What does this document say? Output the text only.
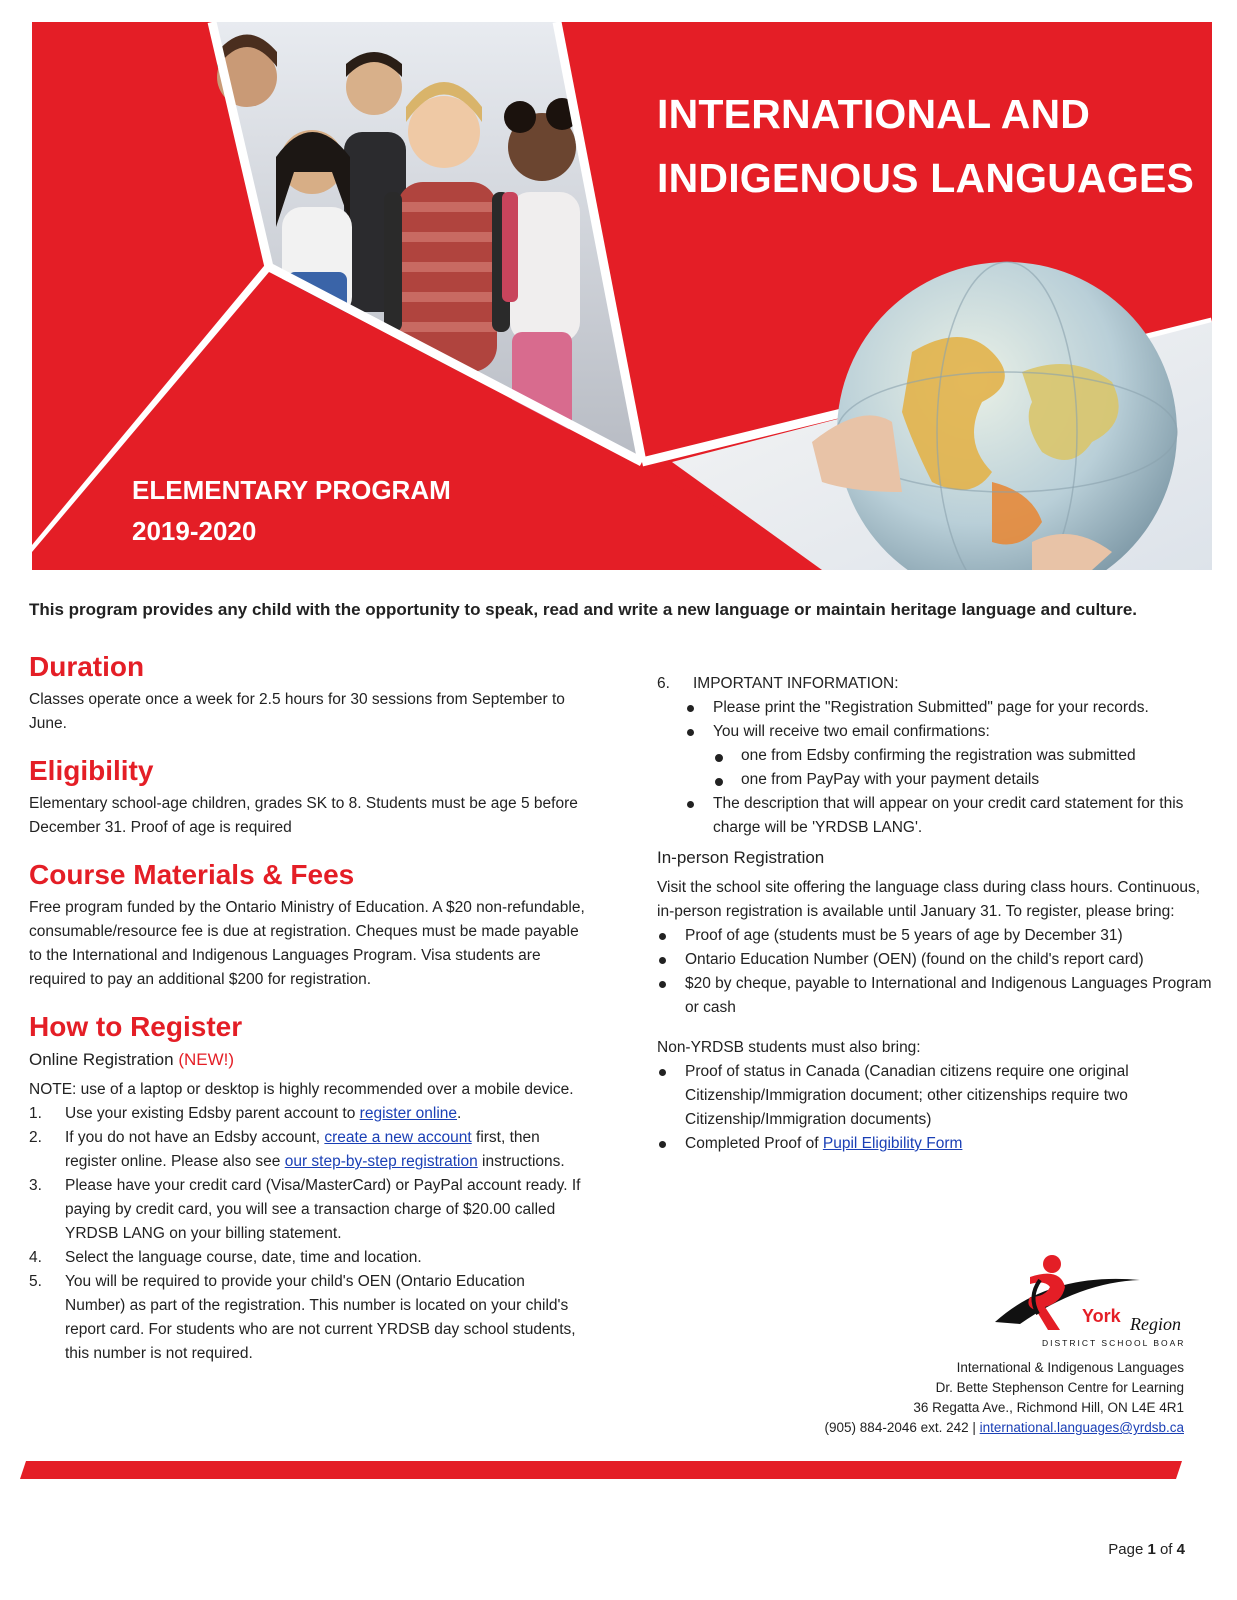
INTERNATIONAL AND
INDIGENOUS LANGUAGES
ELEMENTARY PROGRAM
2019-2020
This program provides any child with the opportunity to speak, read and write a new language or maintain heritage language and culture.
Duration

Classes operate once a week for 2.5 hours for 30 sessions from September to June.

Eligibility

Elementary school-age children, grades SK to 8. Students must be age 5 before December 31. Proof of age is required

Course Materials & Fees

Free program funded by the Ontario Ministry of Education. A $20 non-refundable, consumable/resource fee is due at registration. Cheques must be made payable to the International and Indigenous Languages Program. Visa students are required to pay an additional $200 for registration.

How to Register
Online Registration (NEW!)

NOTE: use of a laptop or desktop is highly recommended over a mobile device.

1. Use your existing Edsby parent account to register online.
2. If you do not have an Edsby account, create a new account first, then register online. Please also see our step-by-step registration instructions.
3. Please have your credit card (Visa/MasterCard) or PayPal account ready. If paying by credit card, you will see a transaction charge of $20.00 called YRDSB LANG on your billing statement.
4. Select the language course, date, time and location.
5. You will be required to provide your child's OEN (Ontario Education Number) as part of the registration. This number is located on your child's report card. For students who are not current YRDSB day school students, this number is not required.
6. IMPORTANT INFORMATION:
Please print the "Registration Submitted" page for your records.
You will receive two email confirmations:
one from Edsby confirming the registration was submitted
one from PayPay with your payment details
The description that will appear on your credit card statement for this charge will be 'YRDSB LANG'.
In-person Registration

Visit the school site offering the language class during class hours. Continuous, in-person registration is available until January 31. To register, please bring:

Proof of age (students must be 5 years of age by December 31)
Ontario Education Number (OEN) (found on the child's report card)
$20 by cheque, payable to International and Indigenous Languages Program or cash

Non-YRDSB students must also bring:

Proof of status in Canada (Canadian citizens require one original Citizenship/Immigration document; other citizenships require two Citizenship/Immigration documents)
Completed Proof of Pupil Eligibility Form
York Region
DISTRICT SCHOOL BOARD
International & Indigenous Languages
Dr. Bette Stephenson Centre for Learning
36 Regatta Ave., Richmond Hill, ON L4E 4R1
(905) 884-2046 ext. 242 | international.languages@yrdsb.ca
Page 1 of 4
